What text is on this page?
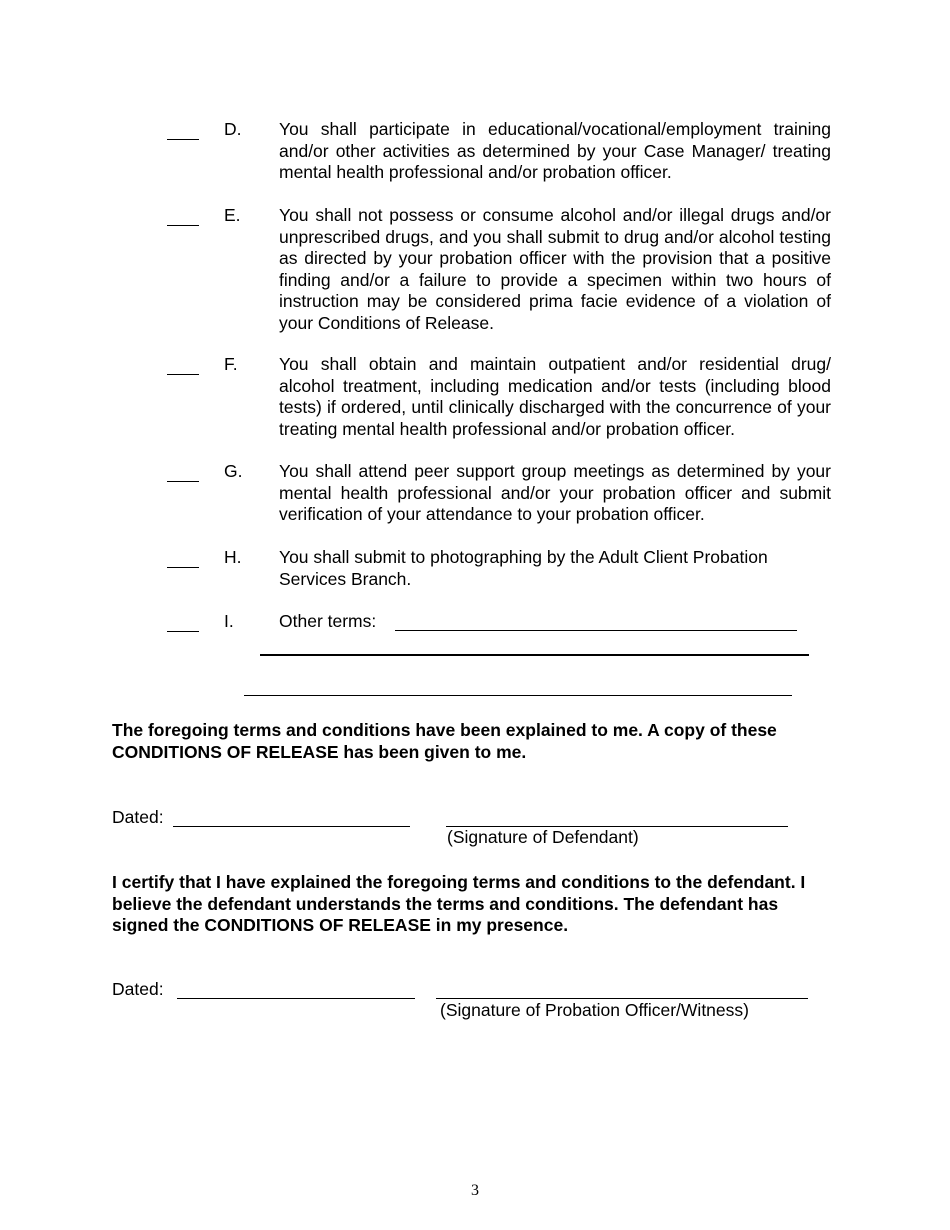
D. You shall participate in educational/vocational/employment training and/or other activities as determined by your Case Manager/ treating mental health professional and/or probation officer.
E. You shall not possess or consume alcohol and/or illegal drugs and/or unprescribed drugs, and you shall submit to drug and/or alcohol testing as directed by your probation officer with the provision that a positive finding and/or a failure to provide a specimen within two hours of instruction may be considered prima facie evidence of a violation of your Conditions of Release.
F. You shall obtain and maintain outpatient and/or residential drug/ alcohol treatment, including medication and/or tests (including blood tests) if ordered, until clinically discharged with the concurrence of your treating mental health professional and/or probation officer.
G. You shall attend peer support group meetings as determined by your mental health professional and/or your probation officer and submit verification of your attendance to your probation officer.
H. You shall submit to photographing by the Adult Client Probation Services Branch.
I.	Other terms:
The foregoing terms and conditions have been explained to me. A copy of these CONDITIONS OF RELEASE has been given to me.
Dated:
(Signature of Defendant)
I certify that I have explained the foregoing terms and conditions to the defendant. I believe the defendant understands the terms and conditions. The defendant has signed the CONDITIONS OF RELEASE in my presence.
Dated:
(Signature of Probation Officer/Witness)
3
